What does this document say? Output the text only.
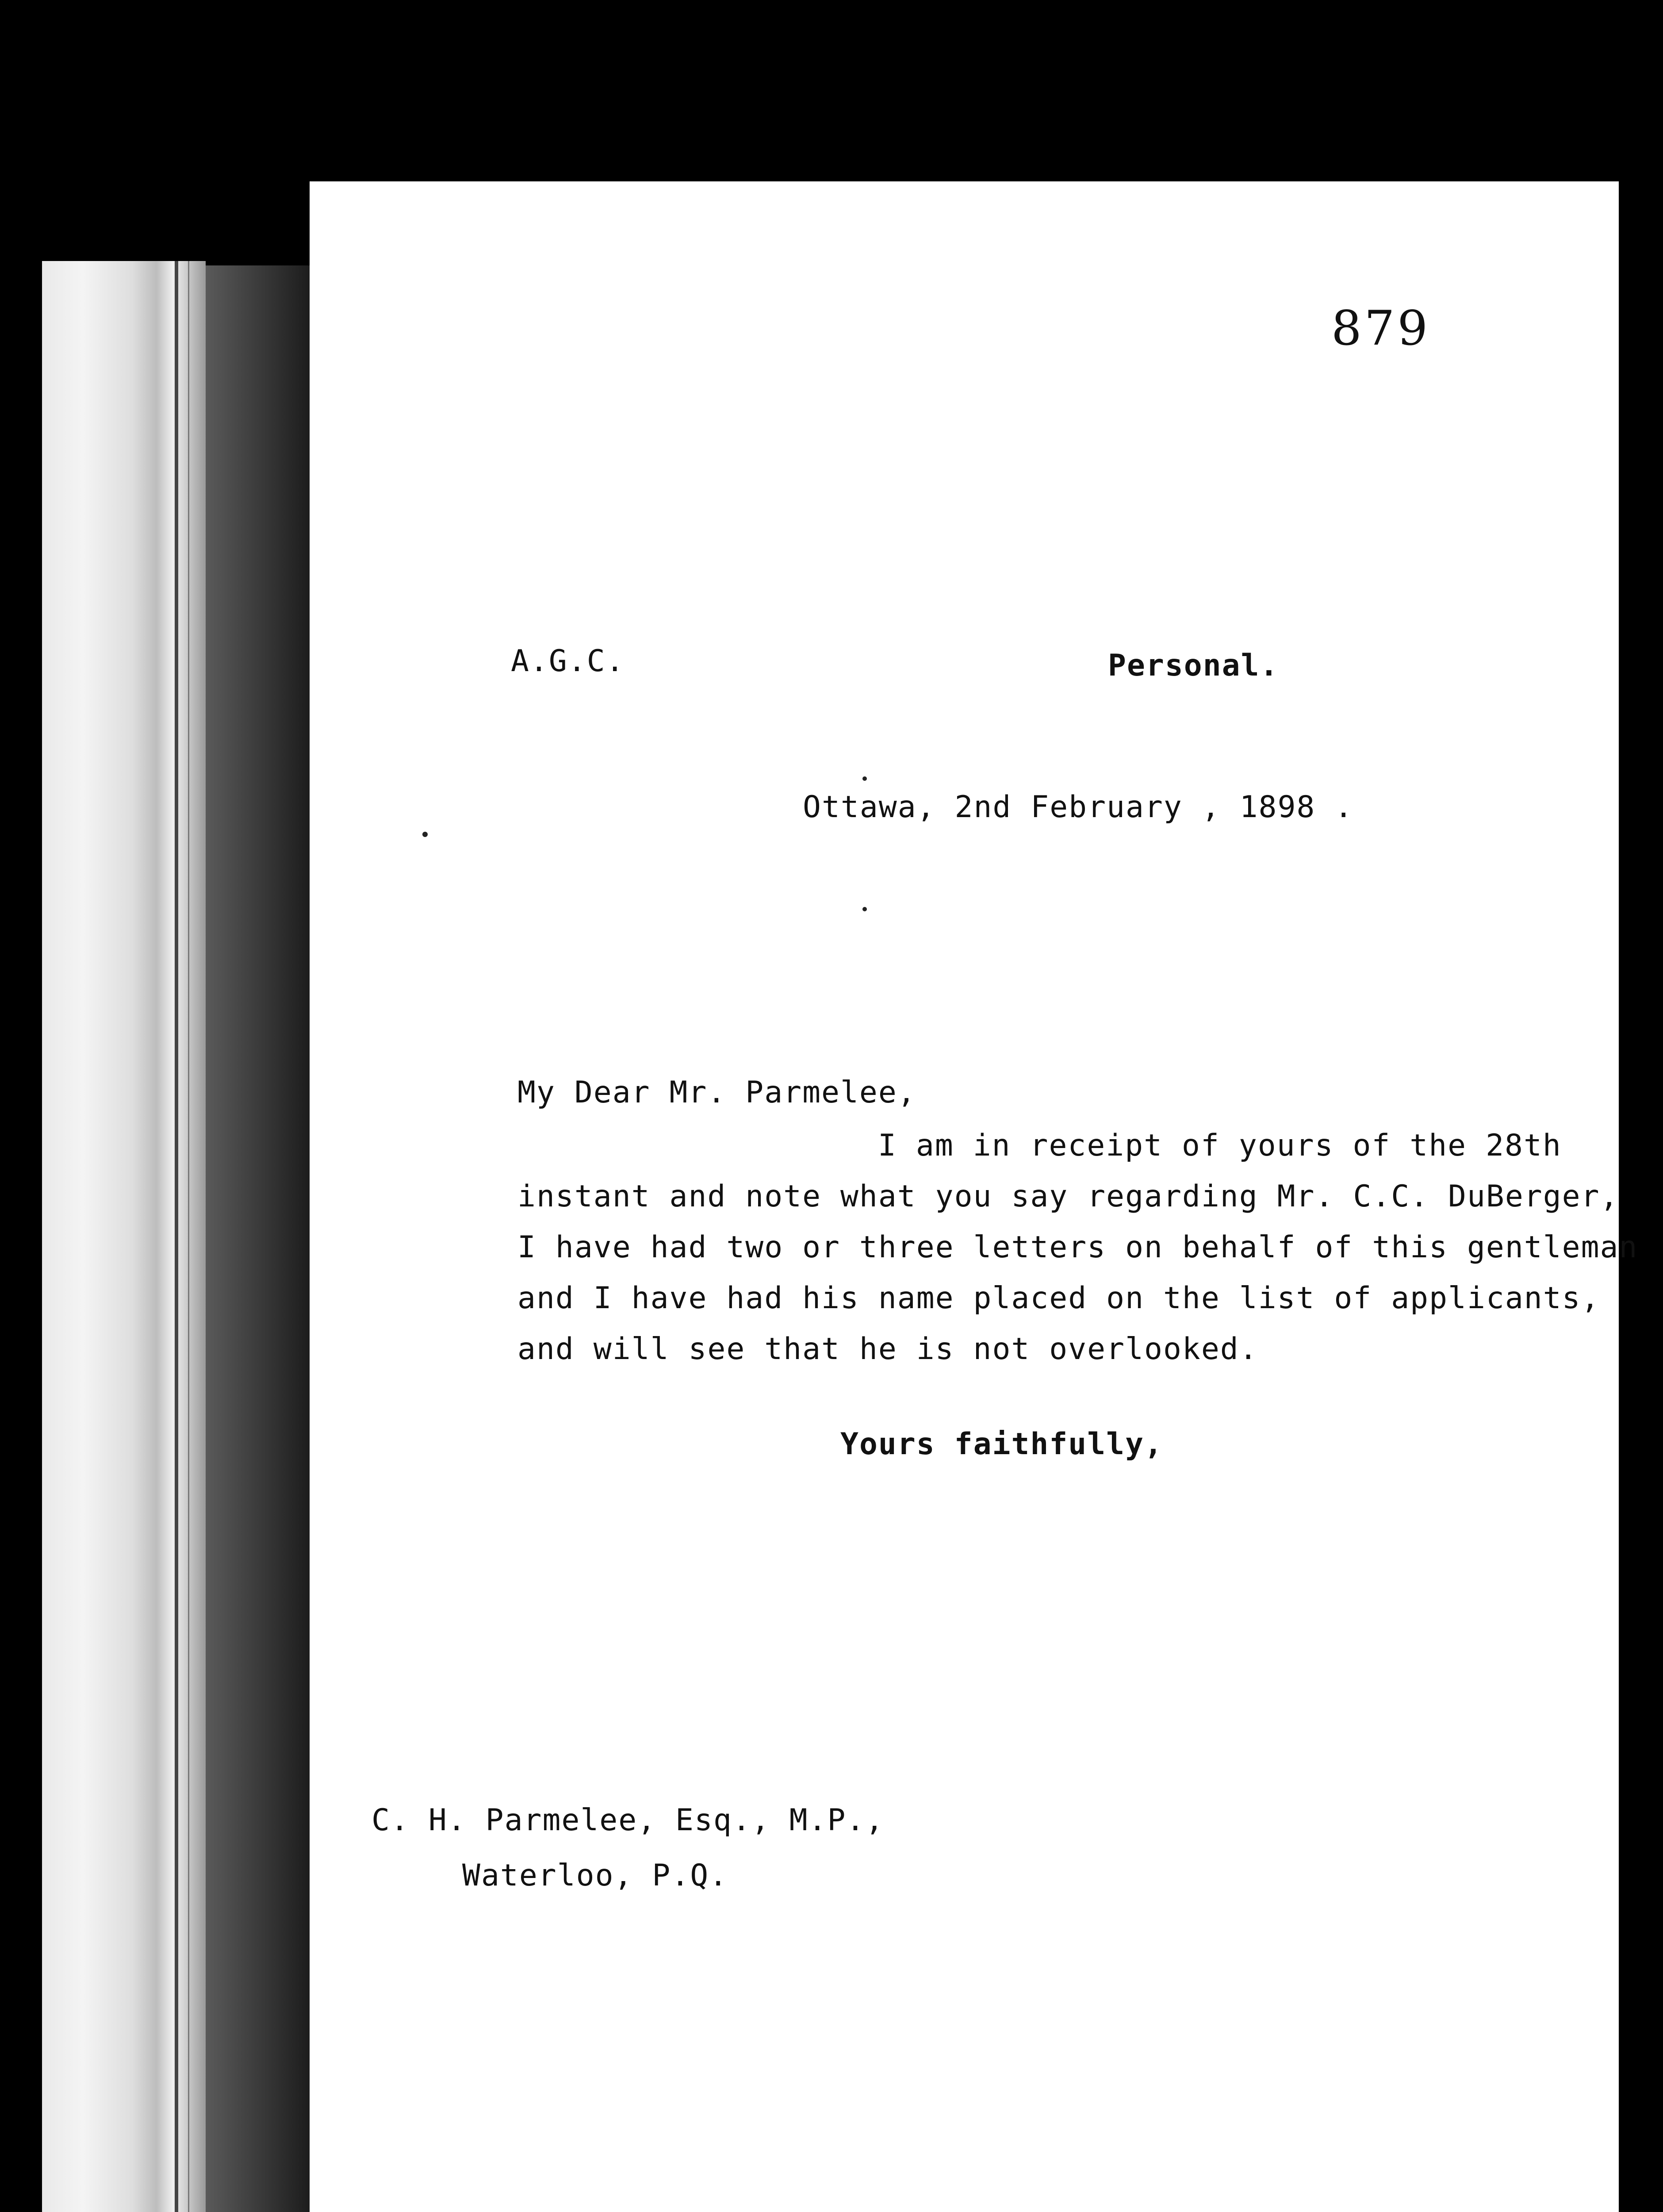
879
A.G.C.	Personal.
Ottawa, 2nd February , 1898 .
My Dear Mr. Parmelee,
I am in receipt of yours of the 28th
instant and note what you say regarding Mr. C.C. DuBerger,
I have had two or three letters on behalf of this gentleman
and I have had his name placed on the list of applicants,
and will see that he is not overlooked.
Yours faithfully,
C. H. Parmelee, Esq., M.P.,
Waterloo, P.Q.
